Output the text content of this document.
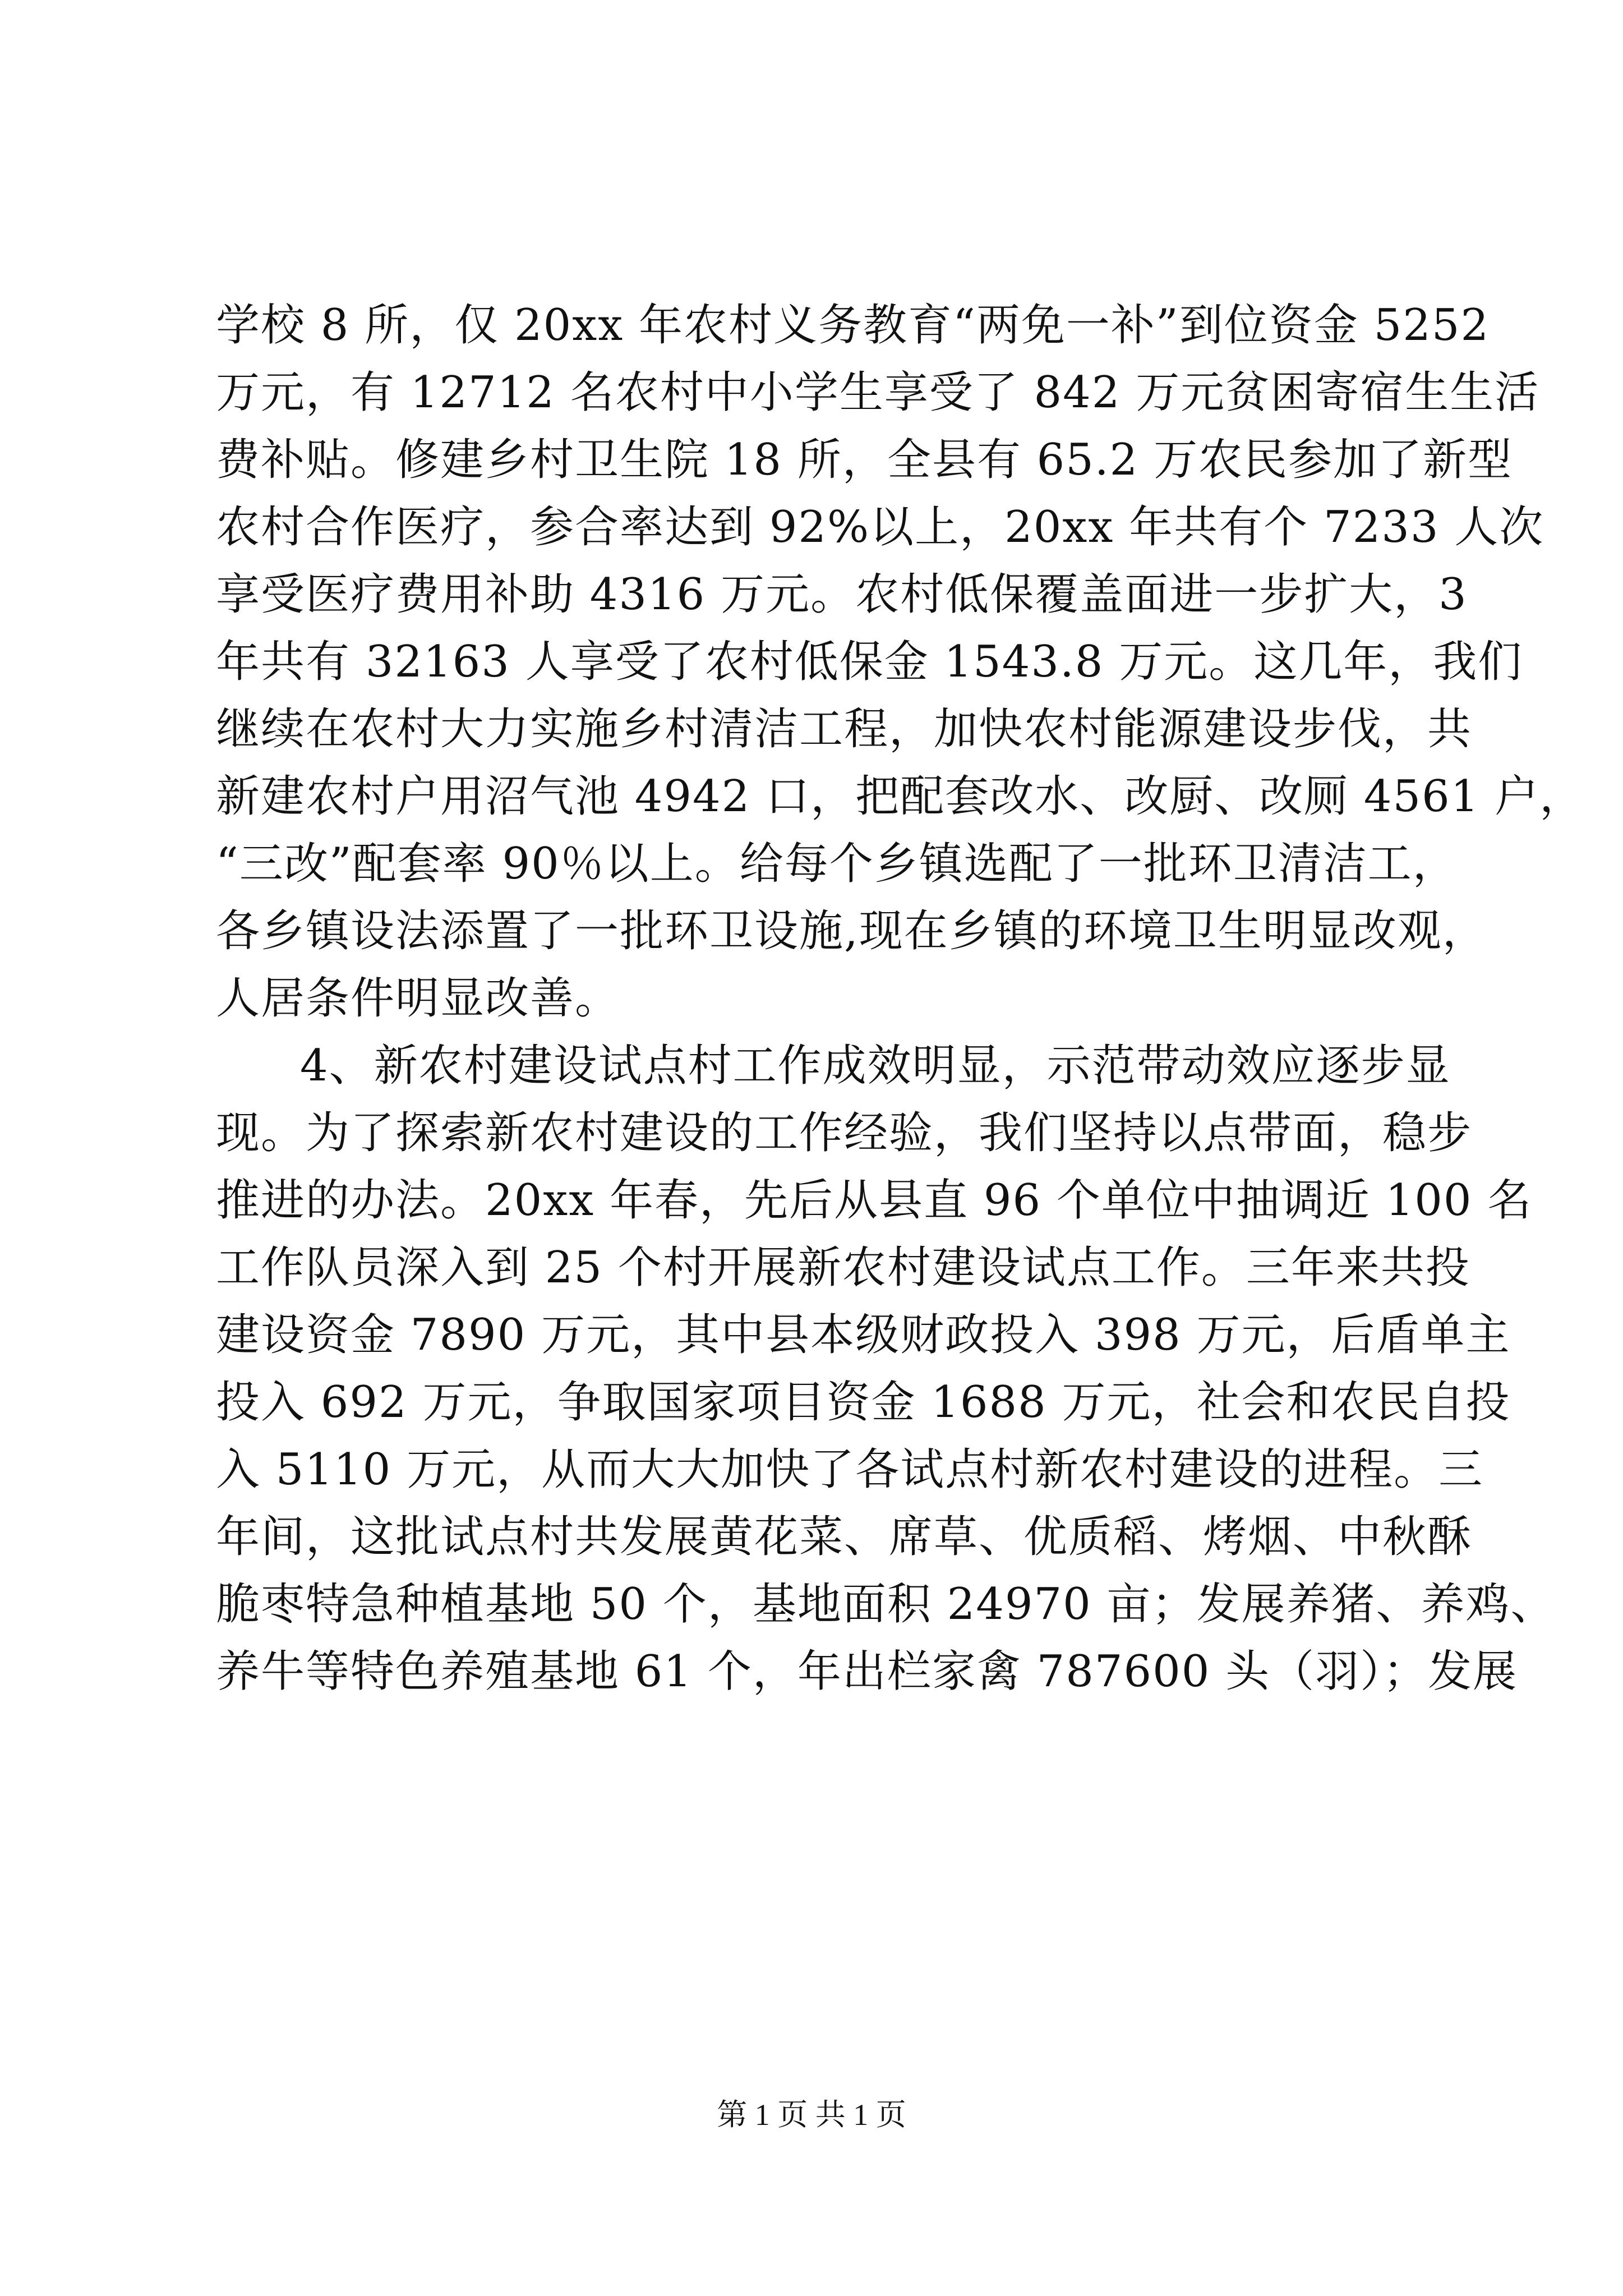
学校 8 所，仅 20xx 年农村义务教育“两免一补”到位资金 5252
万元，有 12712 名农村中小学生享受了 842 万元贫困寄宿生生活
费补贴。修建乡村卫生院 18 所，全县有 65.2 万农民参加了新型
农村合作医疗，参合率达到 92%以上，20xx 年共有个 7233 人次
享受医疗费用补助 4316 万元。农村低保覆盖面进一步扩大，3
年共有 32163 人享受了农村低保金 1543.8 万元。这几年，我们
继续在农村大力实施乡村清洁工程，加快农村能源建设步伐，共
新建农村户用沼气池 4942 口，把配套改水、改厨、改厕 4561 户，
“三改”配套率 90％以上。给每个乡镇选配了一批环卫清洁工，
各乡镇设法添置了一批环卫设施,现在乡镇的环境卫生明显改观，
人居条件明显改善。
4、新农村建设试点村工作成效明显，示范带动效应逐步显
现。为了探索新农村建设的工作经验，我们坚持以点带面，稳步
推进的办法。20xx 年春，先后从县直 96 个单位中抽调近 100 名
工作队员深入到 25 个村开展新农村建设试点工作。三年来共投
建设资金 7890 万元，其中县本级财政投入 398 万元，后盾单主
投入 692 万元，争取国家项目资金 1688 万元，社会和农民自投
入 5110 万元，从而大大加快了各试点村新农村建设的进程。三
年间，这批试点村共发展黄花菜、席草、优质稻、烤烟、中秋酥
脆枣特急种植基地 50 个，基地面积 24970 亩；发展养猪、养鸡、
养牛等特色养殖基地 61 个，年出栏家禽 787600 头（羽）；发展
第 1 页 共 1 页
